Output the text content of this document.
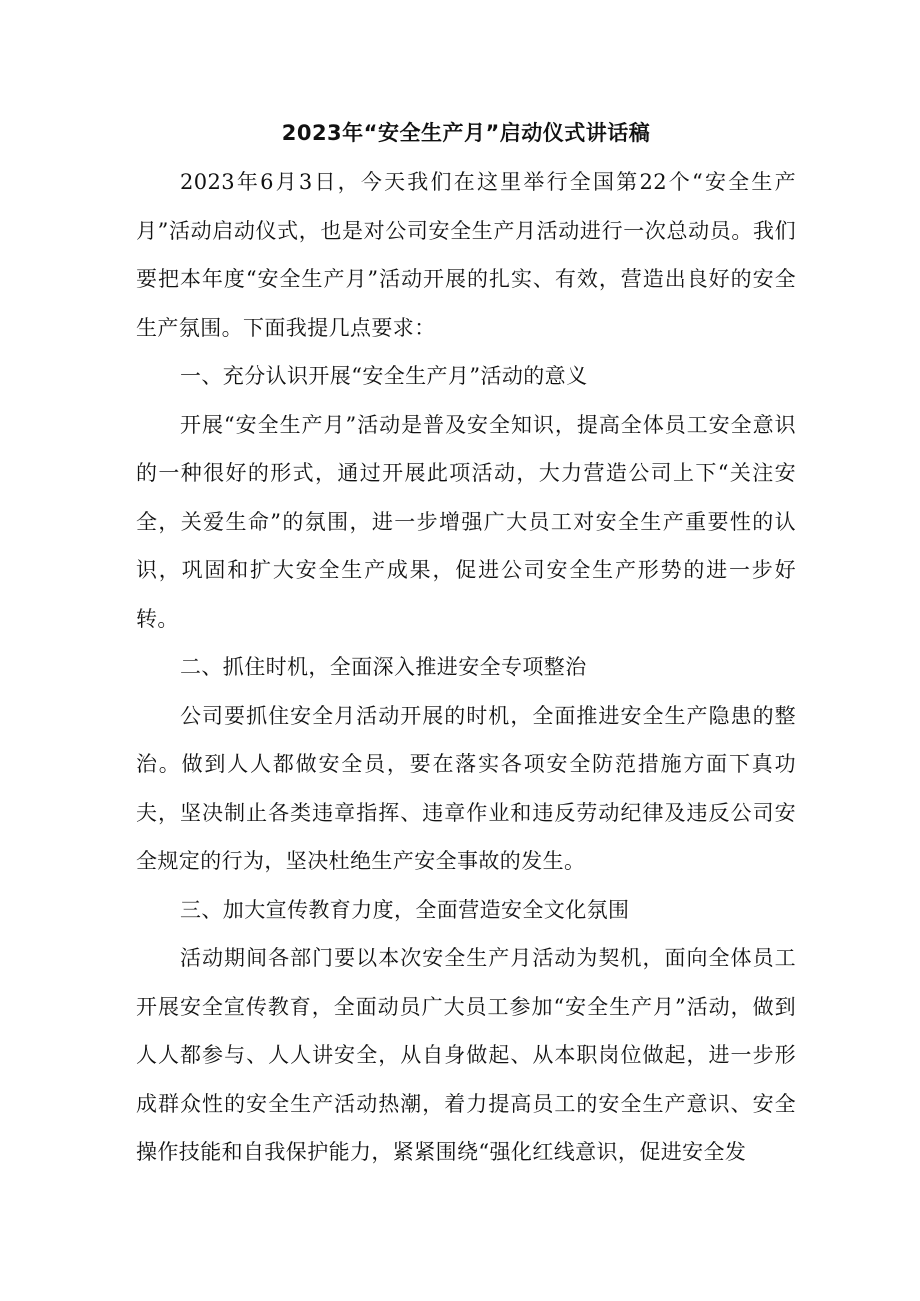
2023年“安全生产月”启动仪式讲话稿

2023年6月3日，今天我们在这里举行全国第22个“安全生产月”活动启动仪式，也是对公司安全生产月活动进行一次总动员。我们要把本年度“安全生产月”活动开展的扎实、有效，营造出良好的安全生产氛围。下面我提几点要求：

一、充分认识开展“安全生产月”活动的意义

开展“安全生产月”活动是普及安全知识，提高全体员工安全意识的一种很好的形式，通过开展此项活动，大力营造公司上下“关注安全，关爱生命”的氛围，进一步增强广大员工对安全生产重要性的认识，巩固和扩大安全生产成果，促进公司安全生产形势的进一步好转。

二、抓住时机，全面深入推进安全专项整治

公司要抓住安全月活动开展的时机，全面推进安全生产隐患的整治。做到人人都做安全员，要在落实各项安全防范措施方面下真功夫，坚决制止各类违章指挥、违章作业和违反劳动纪律及违反公司安全规定的行为，坚决杜绝生产安全事故的发生。

三、加大宣传教育力度，全面营造安全文化氛围

活动期间各部门要以本次安全生产月活动为契机，面向全体员工开展安全宣传教育，全面动员广大员工参加“安全生产月”活动，做到人人都参与、人人讲安全，从自身做起、从本职岗位做起，进一步形成群众性的安全生产活动热潮，着力提高员工的安全生产意识、安全操作技能和自我保护能力，紧紧围绕“强化红线意识，促进安全发
